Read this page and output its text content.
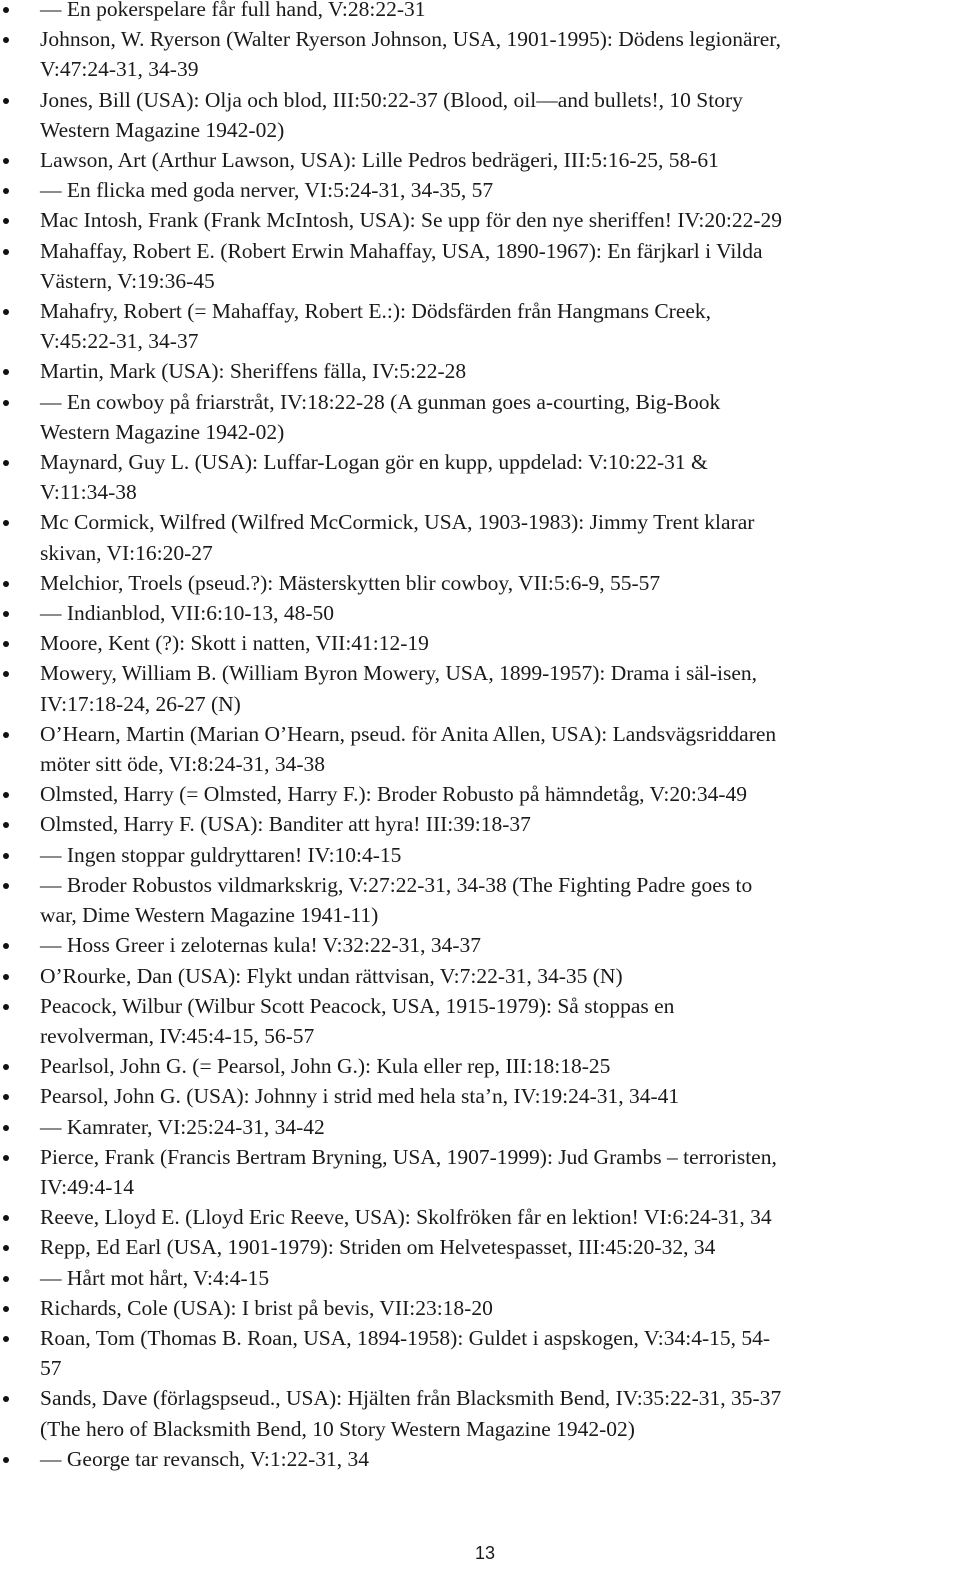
— En pokerspelare får full hand, V:28:22-31
Johnson, W. Ryerson (Walter Ryerson Johnson, USA, 1901-1995): Dödens legionärer,
V:47:24-31, 34-39
Jones, Bill (USA): Olja och blod, III:50:22-37 (Blood, oil—and bullets!, 10 Story
Western Magazine 1942-02)
Lawson, Art (Arthur Lawson, USA): Lille Pedros bedrägeri, III:5:16-25, 58-61
— En flicka med goda nerver, VI:5:24-31, 34-35, 57
Mac Intosh, Frank (Frank McIntosh, USA): Se upp för den nye sheriffen! IV:20:22-29
Mahaffay, Robert E. (Robert Erwin Mahaffay, USA, 1890-1967): En färjkarl i Vilda
Västern, V:19:36-45
Mahafry, Robert (= Mahaffay, Robert E.:): Dödsfärden från Hangmans Creek,
V:45:22-31, 34-37
Martin, Mark (USA): Sheriffens fälla, IV:5:22-28
— En cowboy på friarstråt, IV:18:22-28 (A gunman goes a-courting, Big-Book
Western Magazine 1942-02)
Maynard, Guy L. (USA): Luffar-Logan gör en kupp, uppdelad: V:10:22-31 &
V:11:34-38
Mc Cormick, Wilfred (Wilfred McCormick, USA, 1903-1983): Jimmy Trent klarar
skivan, VI:16:20-27
Melchior, Troels (pseud.?): Mästerskytten blir cowboy, VII:5:6-9, 55-57
— Indianblod, VII:6:10-13, 48-50
Moore, Kent (?): Skott i natten, VII:41:12-19
Mowery, William B. (William Byron Mowery, USA, 1899-1957): Drama i säl-isen,
IV:17:18-24, 26-27 (N)
O’Hearn, Martin (Marian O’Hearn, pseud. för Anita Allen, USA): Landsvägsriddaren
möter sitt öde, VI:8:24-31, 34-38
Olmsted, Harry (= Olmsted, Harry F.): Broder Robusto på hämndetåg, V:20:34-49
Olmsted, Harry F. (USA): Banditer att hyra! III:39:18-37
— Ingen stoppar guldryttaren! IV:10:4-15
— Broder Robustos vildmarkskrig, V:27:22-31, 34-38 (The Fighting Padre goes to
war, Dime Western Magazine 1941-11)
— Hoss Greer i zeloternas kula! V:32:22-31, 34-37
O’Rourke, Dan (USA): Flykt undan rättvisan, V:7:22-31, 34-35 (N)
Peacock, Wilbur (Wilbur Scott Peacock, USA, 1915-1979): Så stoppas en
revolverman, IV:45:4-15, 56-57
Pearlsol, John G. (= Pearsol, John G.): Kula eller rep, III:18:18-25
Pearsol, John G. (USA): Johnny i strid med hela sta’n, IV:19:24-31, 34-41
— Kamrater, VI:25:24-31, 34-42
Pierce, Frank (Francis Bertram Bryning, USA, 1907-1999): Jud Grambs – terroristen,
IV:49:4-14
Reeve, Lloyd E. (Lloyd Eric Reeve, USA): Skolfröken får en lektion! VI:6:24-31, 34
Repp, Ed Earl (USA, 1901-1979): Striden om Helvetespasset, III:45:20-32, 34
— Hårt mot hårt, V:4:4-15
Richards, Cole (USA): I brist på bevis, VII:23:18-20
Roan, Tom (Thomas B. Roan, USA, 1894-1958): Guldet i aspskogen, V:34:4-15, 54-
57
Sands, Dave (förlagspseud., USA): Hjälten från Blacksmith Bend, IV:35:22-31, 35-37
(The hero of Blacksmith Bend, 10 Story Western Magazine 1942-02)
— George tar revansch, V:1:22-31, 34
13
